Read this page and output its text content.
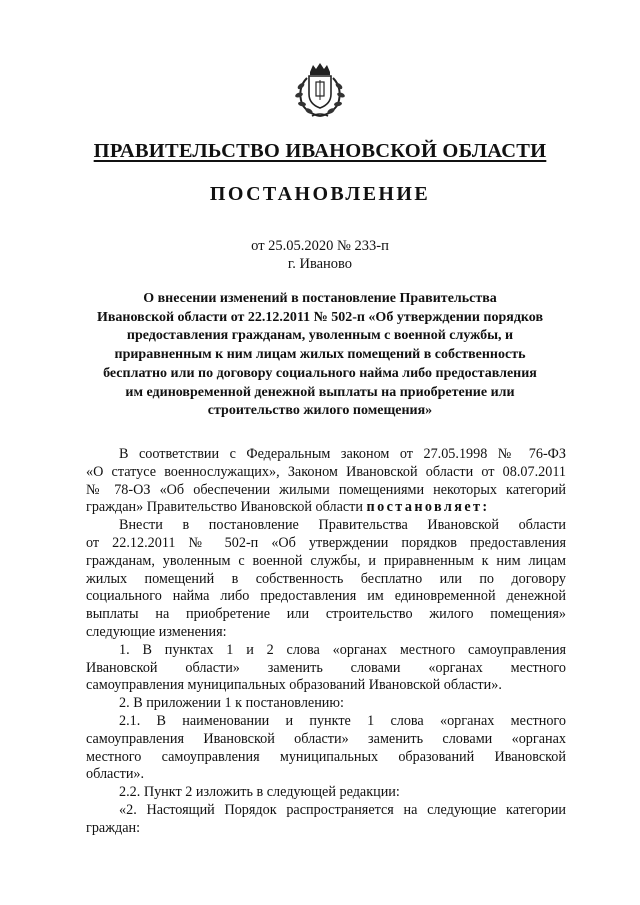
ПРАВИТЕЛЬСТВО ИВАНОВСКОЙ ОБЛАСТИ
ПОСТАНОВЛЕНИЕ
от 25.05.2020 № 233-п
г. Иваново
О внесении изменений в постановление Правительства
Ивановской области от 22.12.2011 № 502-п «Об утверждении порядков
предоставления гражданам, уволенным с военной службы, и
приравненным к ним лицам жилых помещений в собственность
бесплатно или по договору социального найма либо предоставления
им единовременной денежной выплаты на приобретение или
строительство жилого помещения»
В соответствии с Федеральным законом от 27.05.1998 № 76-ФЗ
«О статусе военнослужащих», Законом Ивановской области от 08.07.2011
№ 78-ОЗ «Об обеспечении жилыми помещениями некоторых категорий
граждан» Правительство Ивановской области постановляет:
Внести в постановление Правительства Ивановской области
от 22.12.2011 № 502-п «Об утверждении порядков предоставления
гражданам, уволенным с военной службы, и приравненным к ним лицам
жилых помещений в собственность бесплатно или по договору
социального найма либо предоставления им единовременной денежной
выплаты на приобретение или строительство жилого помещения»
следующие изменения:
1. В пунктах 1 и 2 слова «органах местного самоуправления
Ивановской области» заменить словами «органах местного
самоуправления муниципальных образований Ивановской области».
2. В приложении 1 к постановлению:
2.1. В наименовании и пункте 1 слова «органах местного
самоуправления Ивановской области» заменить словами «органах
местного самоуправления муниципальных образований Ивановской
области».
2.2. Пункт 2 изложить в следующей редакции:
«2. Настоящий Порядок распространяется на следующие категории
граждан:
